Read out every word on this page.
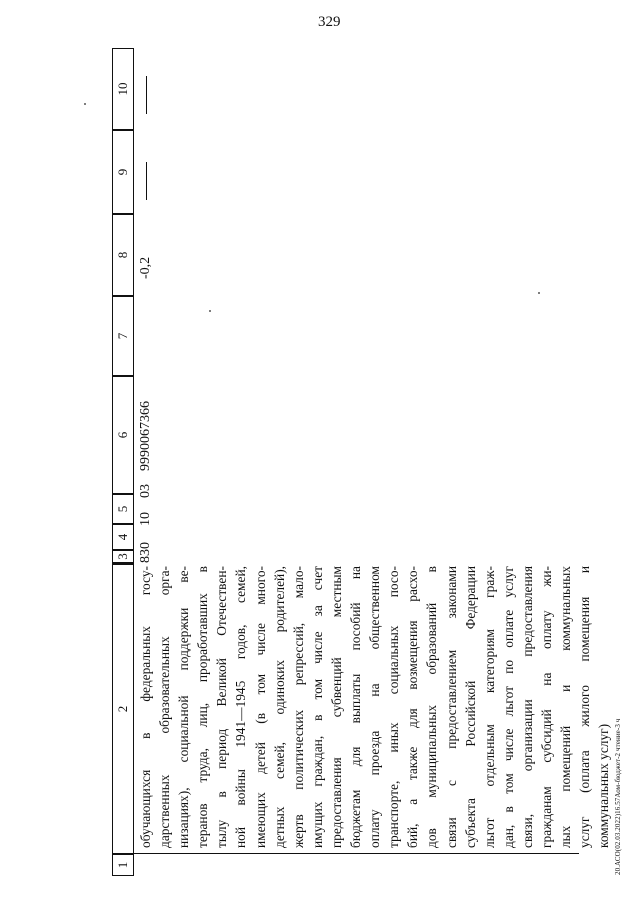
329
20.АСО(02.03.2022)16.57Аом-бюджет-2 чтение-3 ч
1
2
3
4
5
6
7
8
9
10
обучающихся в федеральных госу- дарственных образовательных орга- низациях), социальной поддержки ве- теранов труда, лиц, проработавших в тылу в период Великой Отечествен- ной войны 1941—1945 годов, семей, имеющих детей (в том числе много- детных семей, одиноких родителей), жертв политических репрессий, мало- имущих граждан, в том числе за счет предоставления субвенций местным бюджетам для выплаты пособий на оплату проезда на общественном транспорте, иных социальных посо- бий, а также для возмещения расхо- дов муниципальных образований в связи с предоставлением законами субъекта Российской Федерации льгот отдельным категориям граж- дан, в том числе льгот по оплате услуг связи, организации предоставления гражданам субсидий на оплату жи- лых помещений и коммунальных услуг (оплата жилого помещения и коммунальных услуг)
830
10
03
9990067366
-0,2
